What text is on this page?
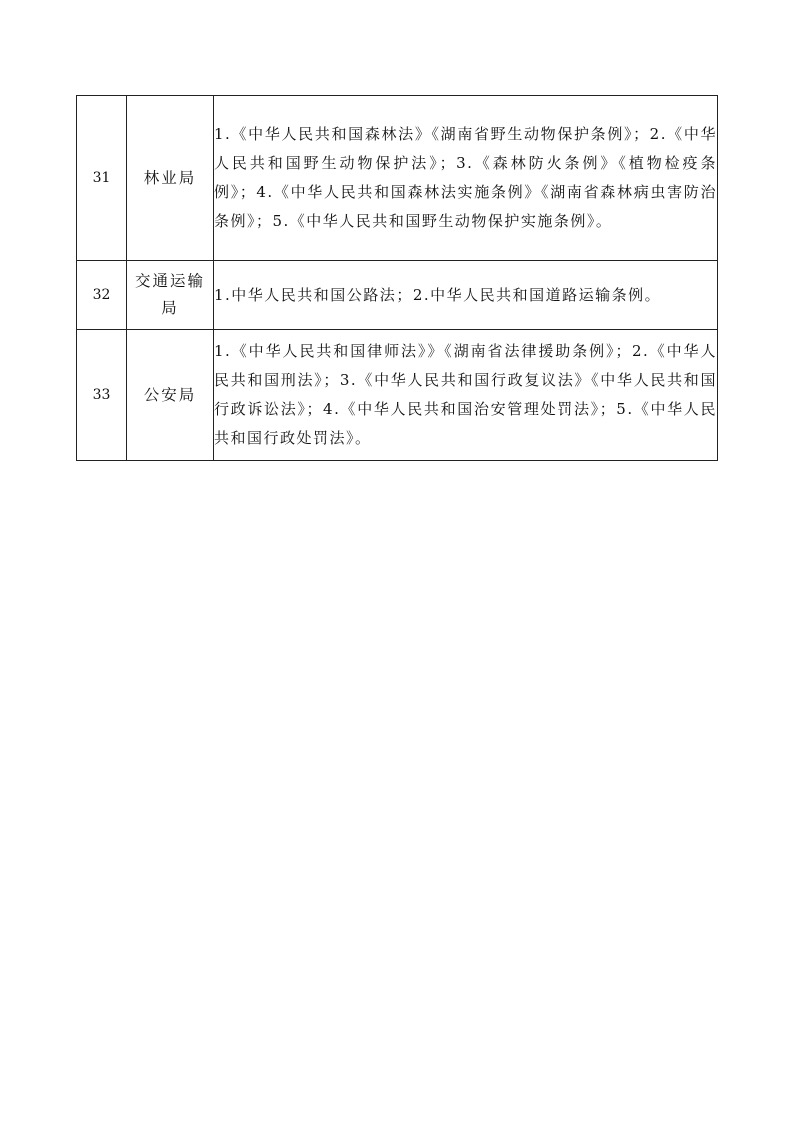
31	林业局	1.《中华人民共和国森林法》《湖南省野生动物保护条例》；2.《中华人民共和国野生动物保护法》；3.《森林防火条例》《植物检疫条例》；4.《中华人民共和国森林法实施条例》《湖南省森林病虫害防治条例》；5.《中华人民共和国野生动物保护实施条例》。
32	交通运输局	1.中华人民共和国公路法；2.中华人民共和国道路运输条例。
33	公安局	1.《中华人民共和国律师法》》《湖南省法律援助条例》；2.《中华人民共和国刑法》；3.《中华人民共和国行政复议法》《中华人民共和国行政诉讼法》；4.《中华人民共和国治安管理处罚法》；5.《中华人民共和国行政处罚法》。
